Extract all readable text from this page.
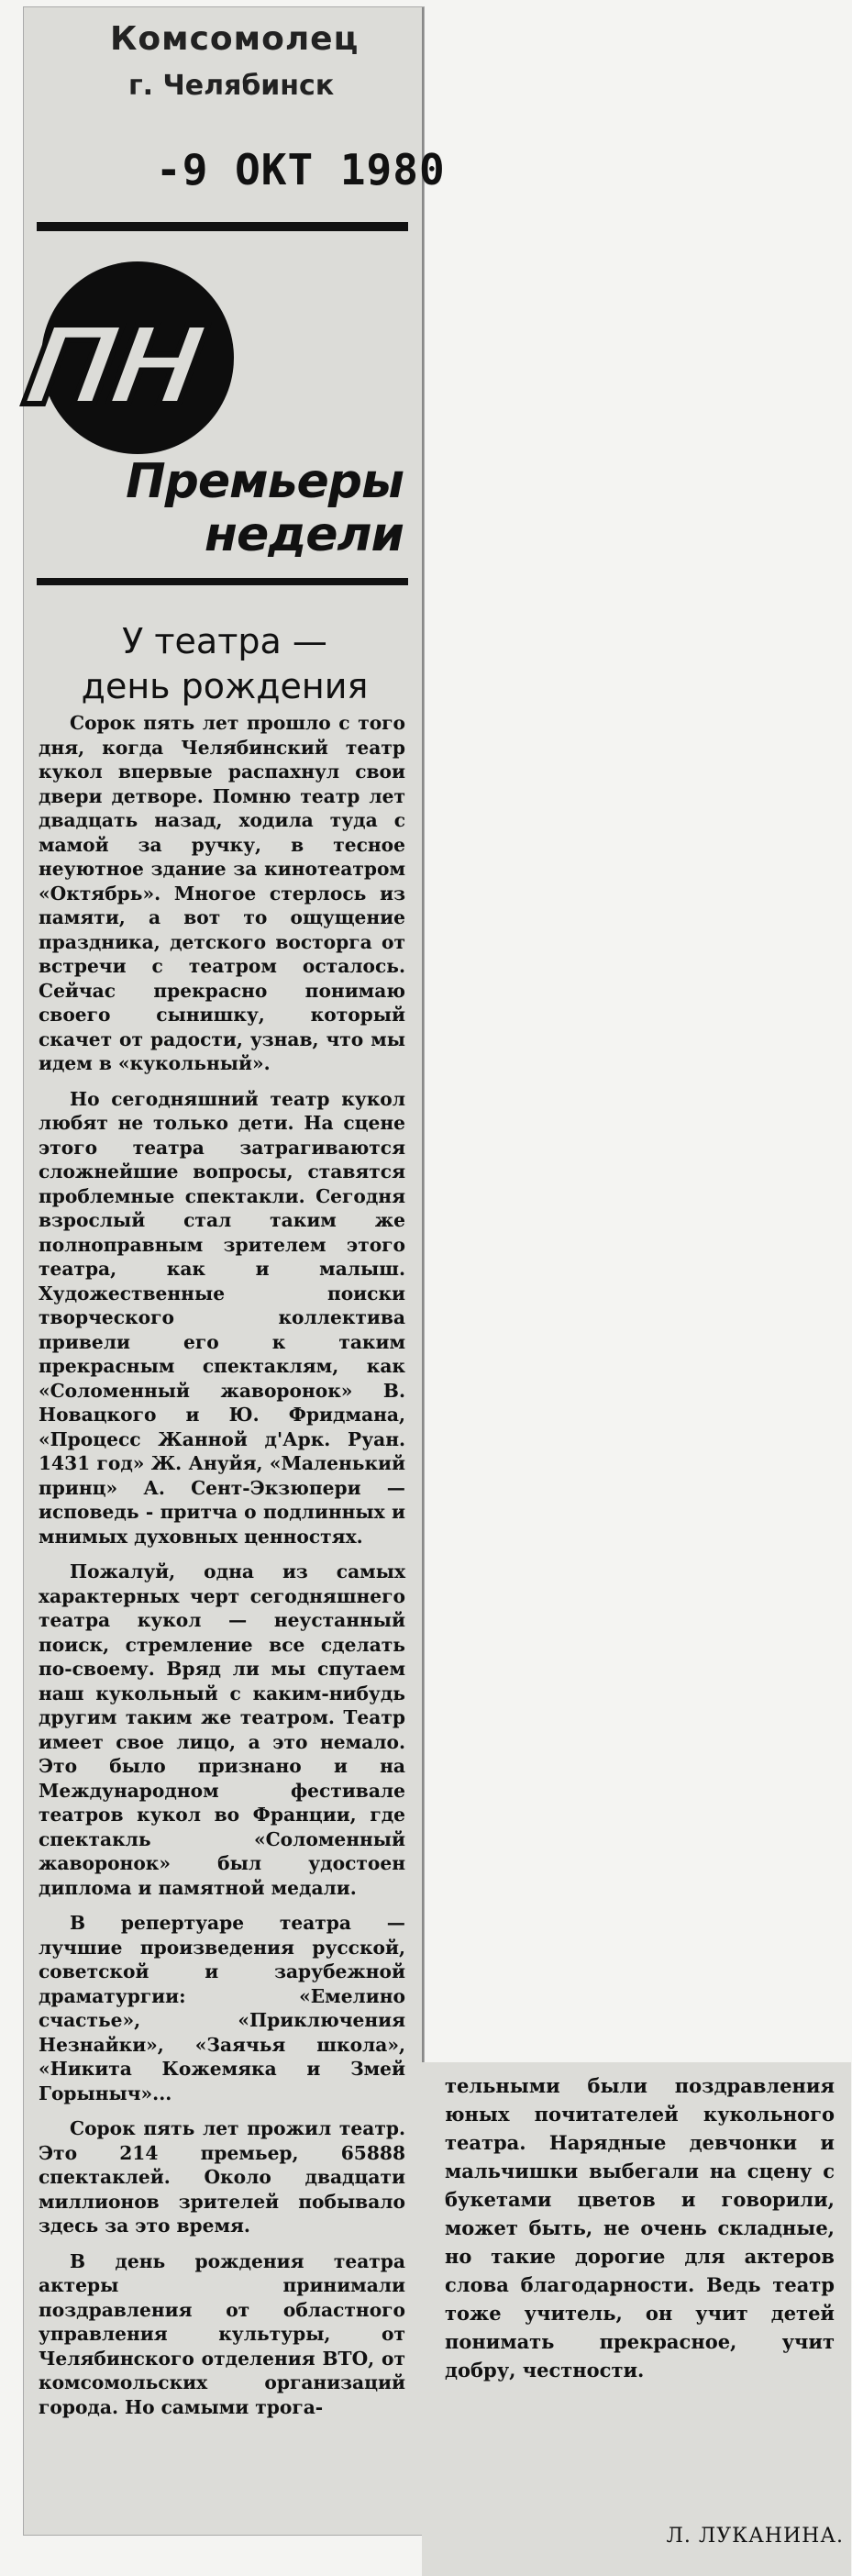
Комсомолец
г. Челябинск
-9 ОКТ 1980
ПН
Премьеры
недели
У театра —
день рождения

Сорок пять лет прошло с того дня, когда Челябинский театр кукол впервые распахнул свои двери детворе. Помню театр лет двадцать назад, ходила туда с мамой за ручку, в тесное неуютное здание за кинотеатром «Октябрь». Многое стерлось из памяти, а вот то ощущение праздника, детского восторга от встречи с театром осталось. Сейчас прекрасно понимаю своего сынишку, который скачет от радости, узнав, что мы идем в «кукольный».

Но сегодняшний театр кукол любят не только дети. На сцене этого театра затрагиваются сложнейшие вопросы, ставятся проблемные спектакли. Сегодня взрослый стал таким же полноправным зрителем этого театра, как и малыш. Художественные поиски творческого коллектива привели его к таким прекрасным спектаклям, как «Соломенный жаворонок» В. Новацкого и Ю. Фридмана, «Процесс Жанной д'Арк. Руан. 1431 год» Ж. Ануйя, «Маленький принц» А. Сент-Экзюпери — исповедь - притча о подлинных и мнимых духовных ценностях.

Пожалуй, одна из самых характерных черт сегодняшнего театра кукол — неустанный поиск, стремление все сделать по-своему. Вряд ли мы спутаем наш кукольный с каким-нибудь другим таким же театром. Театр имеет свое лицо, а это немало. Это было признано и на Международном фестивале театров кукол во Франции, где спектакль «Соломенный жаворонок» был удостоен диплома и памятной медали.

В репертуаре театра — лучшие произведения русской, советской и зарубежной драматургии: «Емелино счастье», «Приключения Незнайки», «Заячья школа», «Никита Кожемяка и Змей Горыныч»...

Сорок пять лет прожил театр. Это 214 премьер, 65888 спектаклей. Около двадцати миллионов зрителей побывало здесь за это время.

В день рождения театра актеры принимали поздравления от областного управления культуры, от Челябинского отделения ВТО, от комсомольских организаций города. Но самыми трога-

тельными были поздравления юных почитателей кукольного театра. Нарядные девчонки и мальчишки выбегали на сцену с букетами цветов и говорили, может быть, не очень складные, но такие дорогие для актеров слова благодарности. Ведь театр тоже учитель, он учит детей понимать прекрасное, учит добру, честности.

Л. ЛУКАНИНА.
